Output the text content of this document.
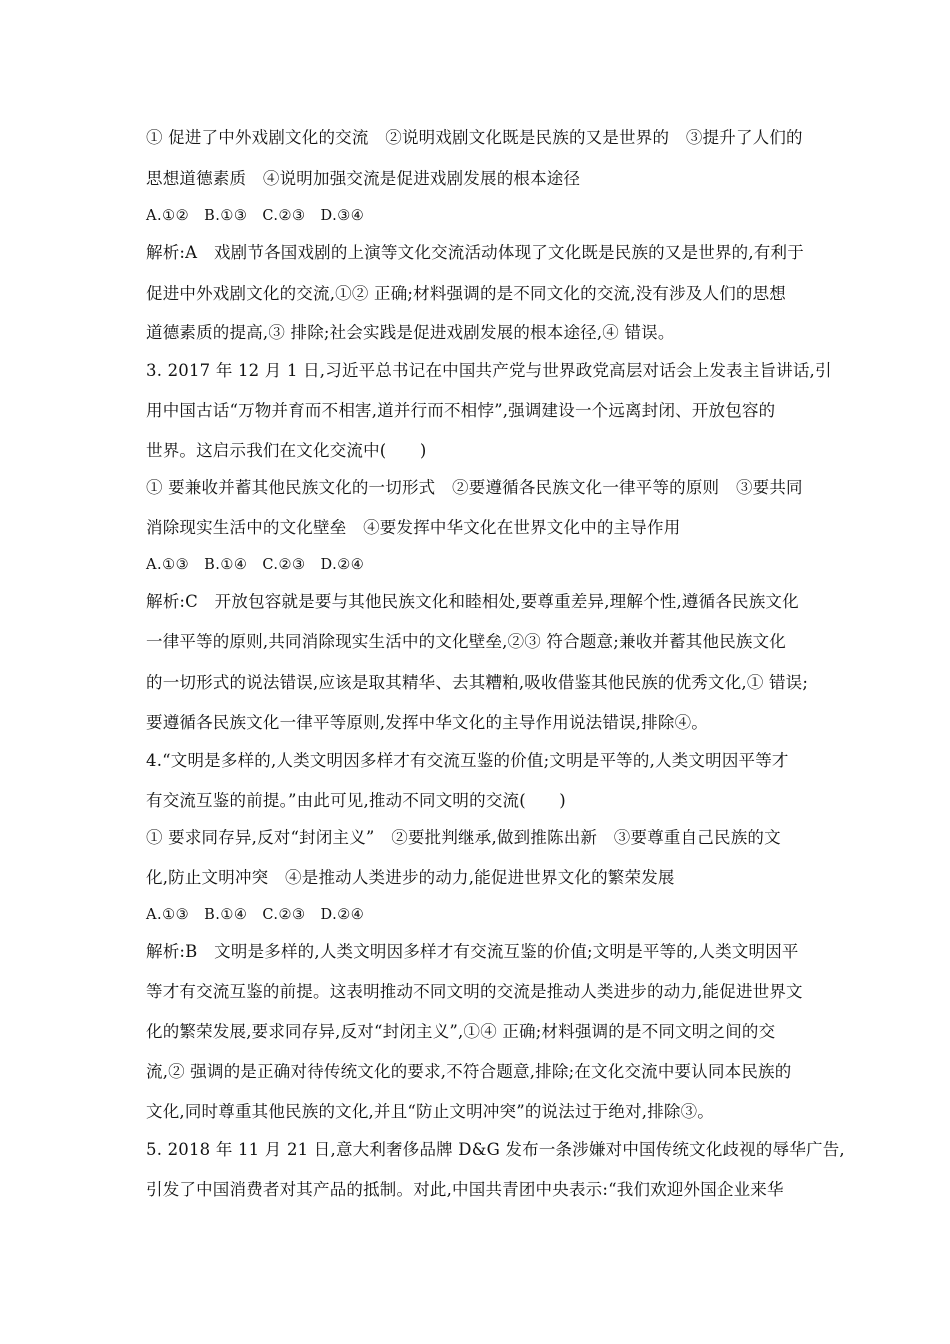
① 促进了中外戏剧文化的交流　②说明戏剧文化既是民族的又是世界的　③提升了人们的
思想道德素质　④说明加强交流是促进戏剧发展的根本途径
A.①②　B.①③　C.②③　D.③④
解析:A　戏剧节各国戏剧的上演等文化交流活动体现了文化既是民族的又是世界的,有利于
促进中外戏剧文化的交流,①② 正确;材料强调的是不同文化的交流,没有涉及人们的思想
道德素质的提高,③ 排除;社会实践是促进戏剧发展的根本途径,④ 错误。
3. 2017 年 12 月 1 日,习近平总书记在中国共产党与世界政党高层对话会上发表主旨讲话,引
用中国古话“万物并育而不相害,道并行而不相悖”,强调建设一个远离封闭、开放包容的
世界。这启示我们在文化交流中(　　)
① 要兼收并蓄其他民族文化的一切形式　②要遵循各民族文化一律平等的原则　③要共同
消除现实生活中的文化壁垒　④要发挥中华文化在世界文化中的主导作用
A.①③　B.①④　C.②③　D.②④
解析:C　开放包容就是要与其他民族文化和睦相处,要尊重差异,理解个性,遵循各民族文化
一律平等的原则,共同消除现实生活中的文化壁垒,②③ 符合题意;兼收并蓄其他民族文化
的一切形式的说法错误,应该是取其精华、去其糟粕,吸收借鉴其他民族的优秀文化,① 错误;
要遵循各民族文化一律平等原则,发挥中华文化的主导作用说法错误,排除④。
4.“文明是多样的,人类文明因多样才有交流互鉴的价值;文明是平等的,人类文明因平等才
有交流互鉴的前提。”由此可见,推动不同文明的交流(　　)
① 要求同存异,反对“封闭主义”　②要批判继承,做到推陈出新　③要尊重自己民族的文
化,防止文明冲突　④是推动人类进步的动力,能促进世界文化的繁荣发展
A.①③　B.①④　C.②③　D.②④
解析:B　文明是多样的,人类文明因多样才有交流互鉴的价值;文明是平等的,人类文明因平
等才有交流互鉴的前提。这表明推动不同文明的交流是推动人类进步的动力,能促进世界文
化的繁荣发展,要求同存异,反对“封闭主义”,①④ 正确;材料强调的是不同文明之间的交
流,② 强调的是正确对待传统文化的要求,不符合题意,排除;在文化交流中要认同本民族的
文化,同时尊重其他民族的文化,并且“防止文明冲突”的说法过于绝对,排除③。
5. 2018 年 11 月 21 日,意大利奢侈品牌 D&G 发布一条涉嫌对中国传统文化歧视的辱华广告,
引发了中国消费者对其产品的抵制。对此,中国共青团中央表示:“我们欢迎外国企业来华
